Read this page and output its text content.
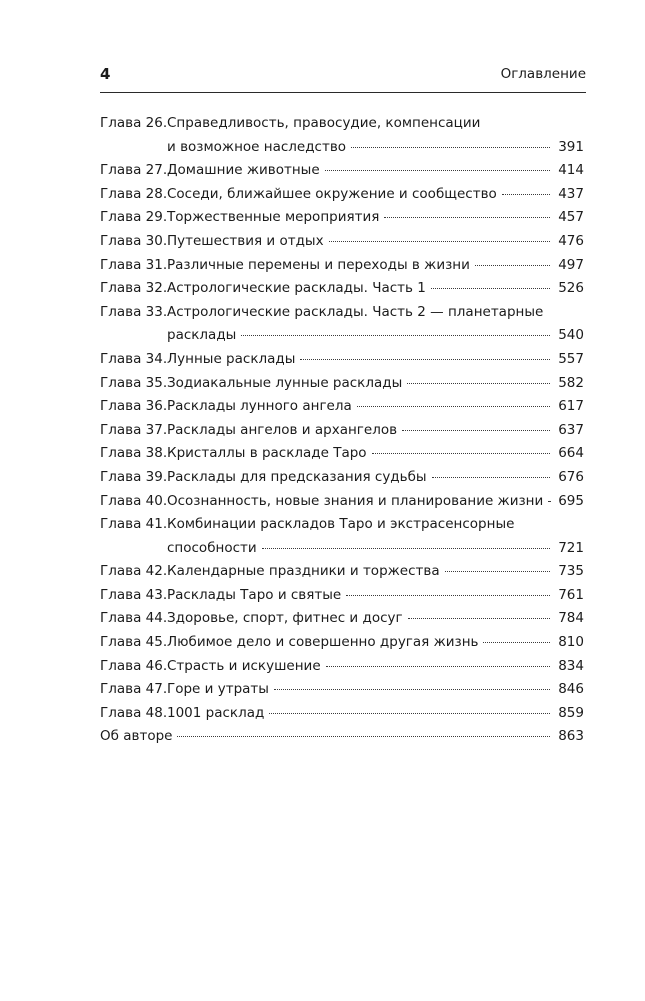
4	Оглавление
Глава 26. Справедливость, правосудие, компенсации
и возможное наследство	391
Глава 27. Домашние животные	414
Глава 28. Соседи, ближайшее окружение и сообщество	437
Глава 29. Торжественные мероприятия	457
Глава 30. Путешествия и отдых	476
Глава 31. Различные перемены и переходы в жизни	497
Глава 32. Астрологические расклады. Часть 1	526
Глава 33. Астрологические расклады. Часть 2 — планетарные
расклады	540
Глава 34. Лунные расклады	557
Глава 35. Зодиакальные лунные расклады	582
Глава 36. Расклады лунного ангела	617
Глава 37. Расклады ангелов и архангелов	637
Глава 38. Кристаллы в раскладе Таро	664
Глава 39. Расклады для предсказания судьбы	676
Глава 40. Осознанность, новые знания и планирование жизни	695
Глава 41. Комбинации раскладов Таро и экстрасенсорные
способности	721
Глава 42. Календарные праздники и торжества	735
Глава 43. Расклады Таро и святые	761
Глава 44. Здоровье, спорт, фитнес и досуг	784
Глава 45. Любимое дело и совершенно другая жизнь	810
Глава 46. Страсть и искушение	834
Глава 47. Горе и утраты	846
Глава 48. 1001 расклад	859
Об авторе	863
